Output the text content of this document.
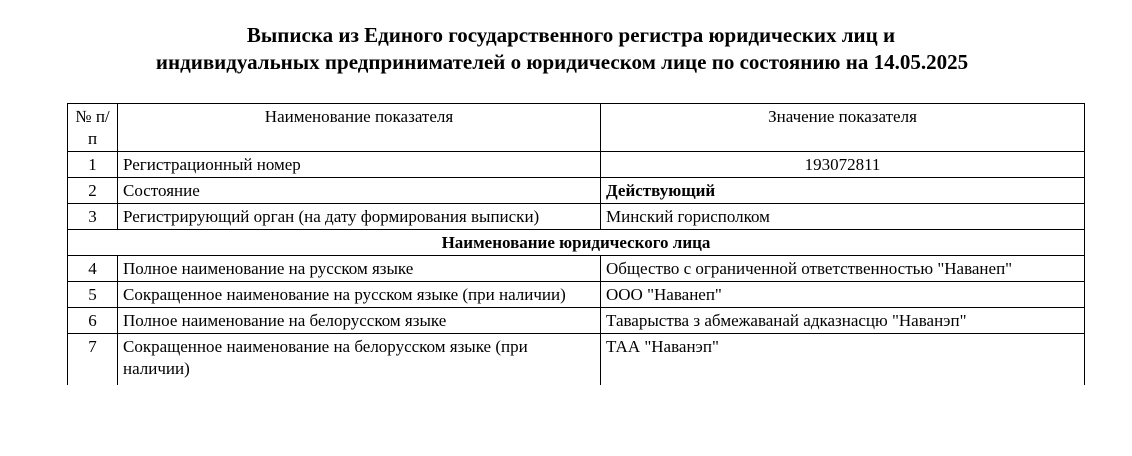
Выписка из Единого государственного регистра юридических лиц и
индивидуальных предпринимателей о юридическом лице по состоянию на 14.05.2025
№ п/п	Наименование показателя	Значение показателя
1	Регистрационный номер	193072811
2	Состояние	Действующий
3	Регистрирующий орган (на дату формирования выписки)	Минский горисполком
Наименование юридического лица		
4	Полное наименование на русском языке	Общество с ограниченной ответственностью "Наванеп"
5	Сокращенное наименование на русском языке (при наличии)	ООО "Наванеп"
6	Полное наименование на белорусском языке	Таварыства з абмежаванай адказнасцю "Наванэп"
7	Сокращенное наименование на белорусском языке (при наличии)	ТАА "Наванэп"
